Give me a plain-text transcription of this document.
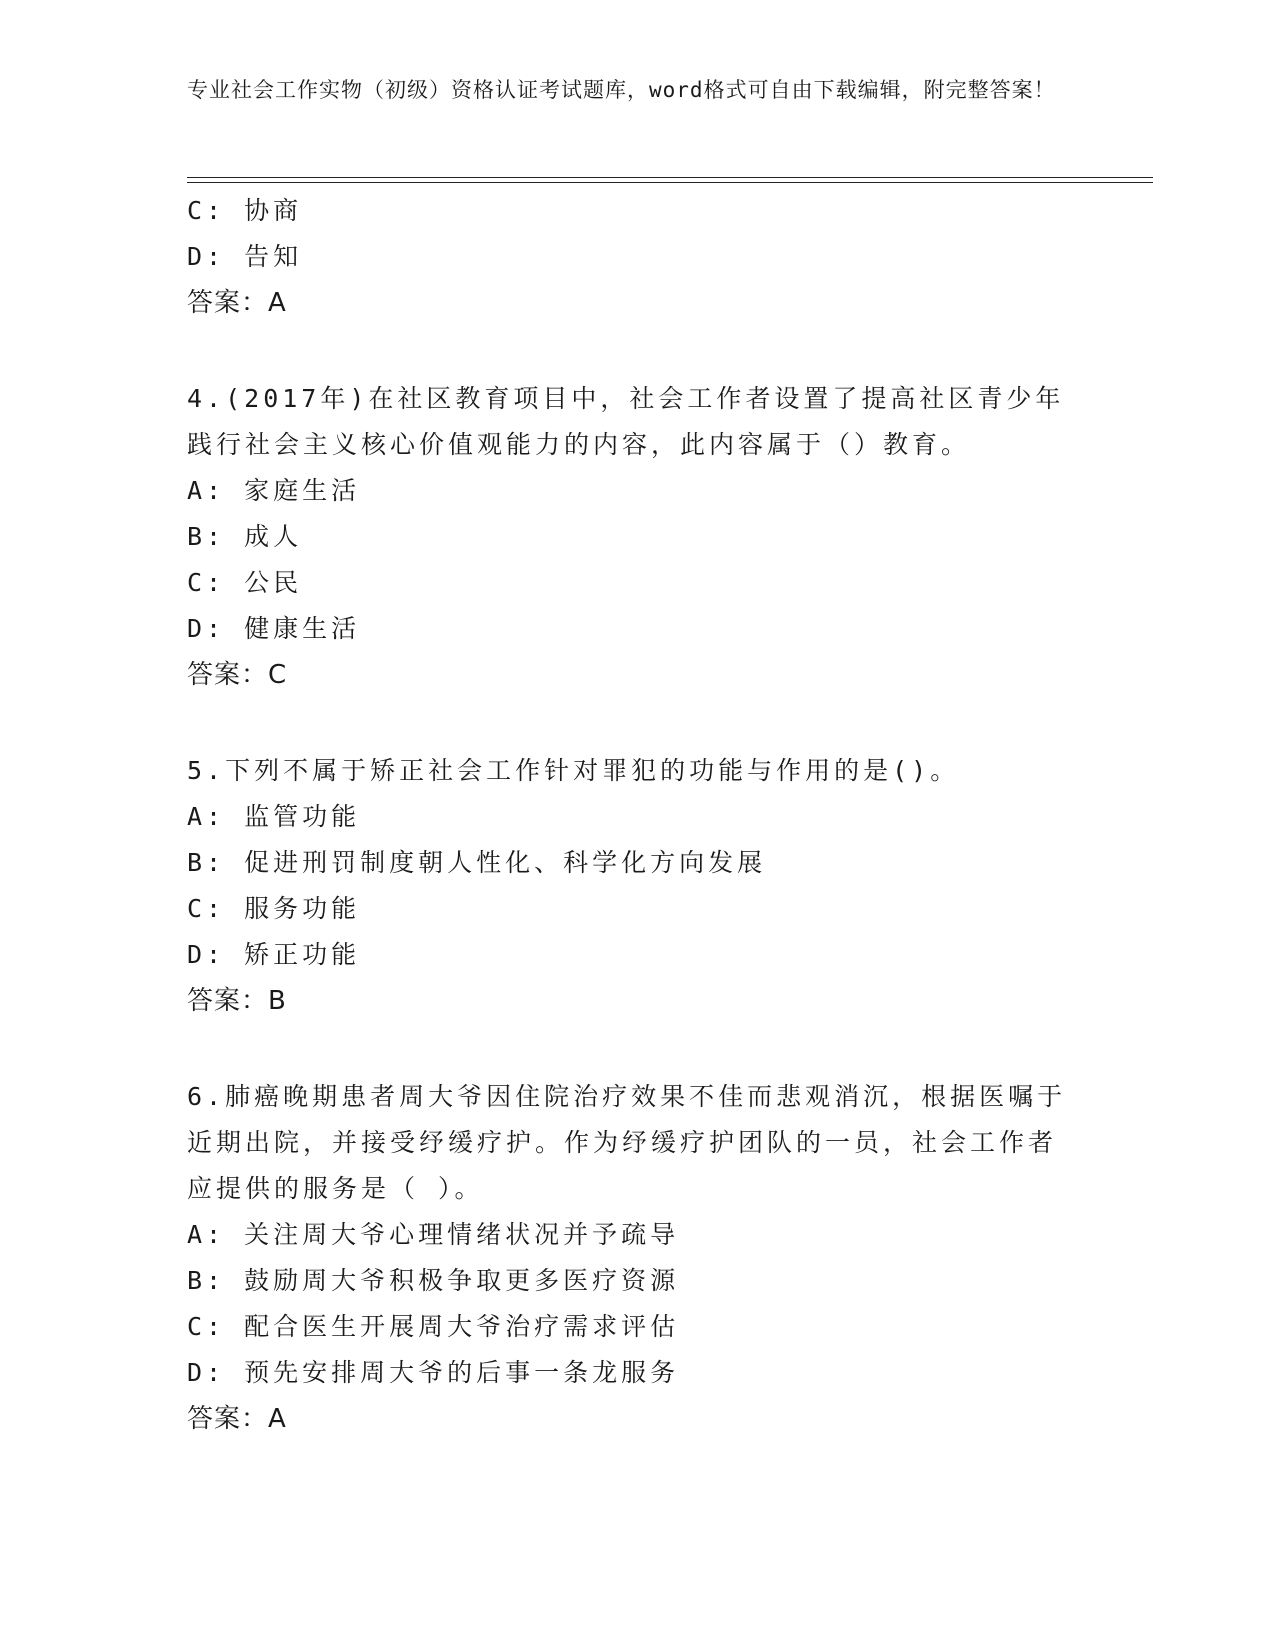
专业社会工作实物（初级）资格认证考试题库，word格式可自由下载编辑，附完整答案！
C: 协商
D: 告知
答案：A
4.(2017年)在社区教育项目中，社会工作者设置了提高社区青少年践行社会主义核心价值观能力的内容，此内容属于（）教育。
A: 家庭生活
B: 成人
C: 公民
D: 健康生活
答案：C
5.下列不属于矫正社会工作针对罪犯的功能与作用的是()。
A: 监管功能
B: 促进刑罚制度朝人性化、科学化方向发展
C: 服务功能
D: 矫正功能
答案：B
6.肺癌晚期患者周大爷因住院治疗效果不佳而悲观消沉，根据医嘱于近期出院，并接受纾缓疗护。作为纾缓疗护团队的一员，社会工作者应提供的服务是（ ）。
A: 关注周大爷心理情绪状况并予疏导
B: 鼓励周大爷积极争取更多医疗资源
C: 配合医生开展周大爷治疗需求评估
D: 预先安排周大爷的后事一条龙服务
答案：A
